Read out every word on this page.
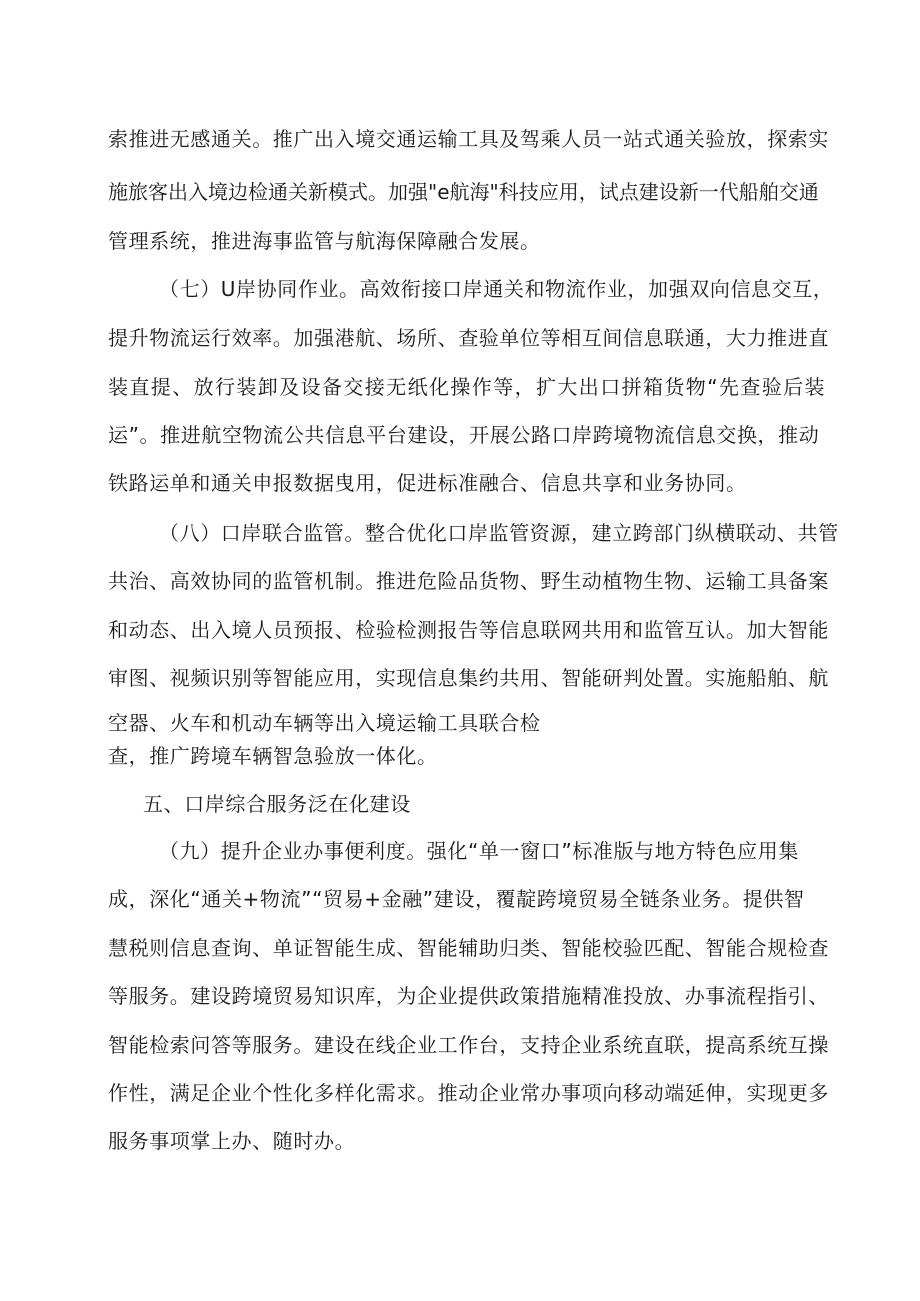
索推进无感通关。推广出入境交通运输工具及驾乘人员一站式通关验放，探索实
施旅客出入境边检通关新模式。加强"e航海"科技应用，试点建设新一代船舶交通
管理系统，推进海事监管与航海保障融合发展。
（七）U岸协同作业。高效衔接口岸通关和物流作业，加强双向信息交互，
提升物流运行效率。加强港航、场所、查验单位等相互间信息联通，大力推进直
装直提、放行装卸及设备交接无纸化操作等，扩大出口拼箱货物“先查验后装
运”。推进航空物流公共信息平台建设，开展公路口岸跨境物流信息交换，推动
铁路运单和通关申报数据曳用，促进标准融合、信息共享和业务协同。
（八）口岸联合监管。整合优化口岸监管资源，建立跨部门纵横联动、共管
共治、高效协同的监管机制。推进危险品货物、野生动植物生物、运输工具备案
和动态、出入境人员预报、检验检测报告等信息联网共用和监管互认。加大智能
审图、视频识别等智能应用，实现信息集约共用、智能研判处置。实施船舶、航
空器、火车和机动车辆等出入境运输工具联合检
查，推广跨境车辆智急验放一体化。
五、口岸综合服务泛在化建设
（九）提升企业办事便利度。强化“单一窗口”标准版与地方特色应用集
成，深化“通关+物流”“贸易+金融”建设，覆靛跨境贸易全链条业务。提供智
慧税则信息查询、单证智能生成、智能辅助归类、智能校验匹配、智能合规检查
等服务。建设跨境贸易知识库，为企业提供政策措施精准投放、办事流程指引、
智能检索问答等服务。建设在线企业工作台，支持企业系统直联，提高系统互操
作性，满足企业个性化多样化需求。推动企业常办事项向移动端延伸，实现更多
服务事项掌上办、随时办。
